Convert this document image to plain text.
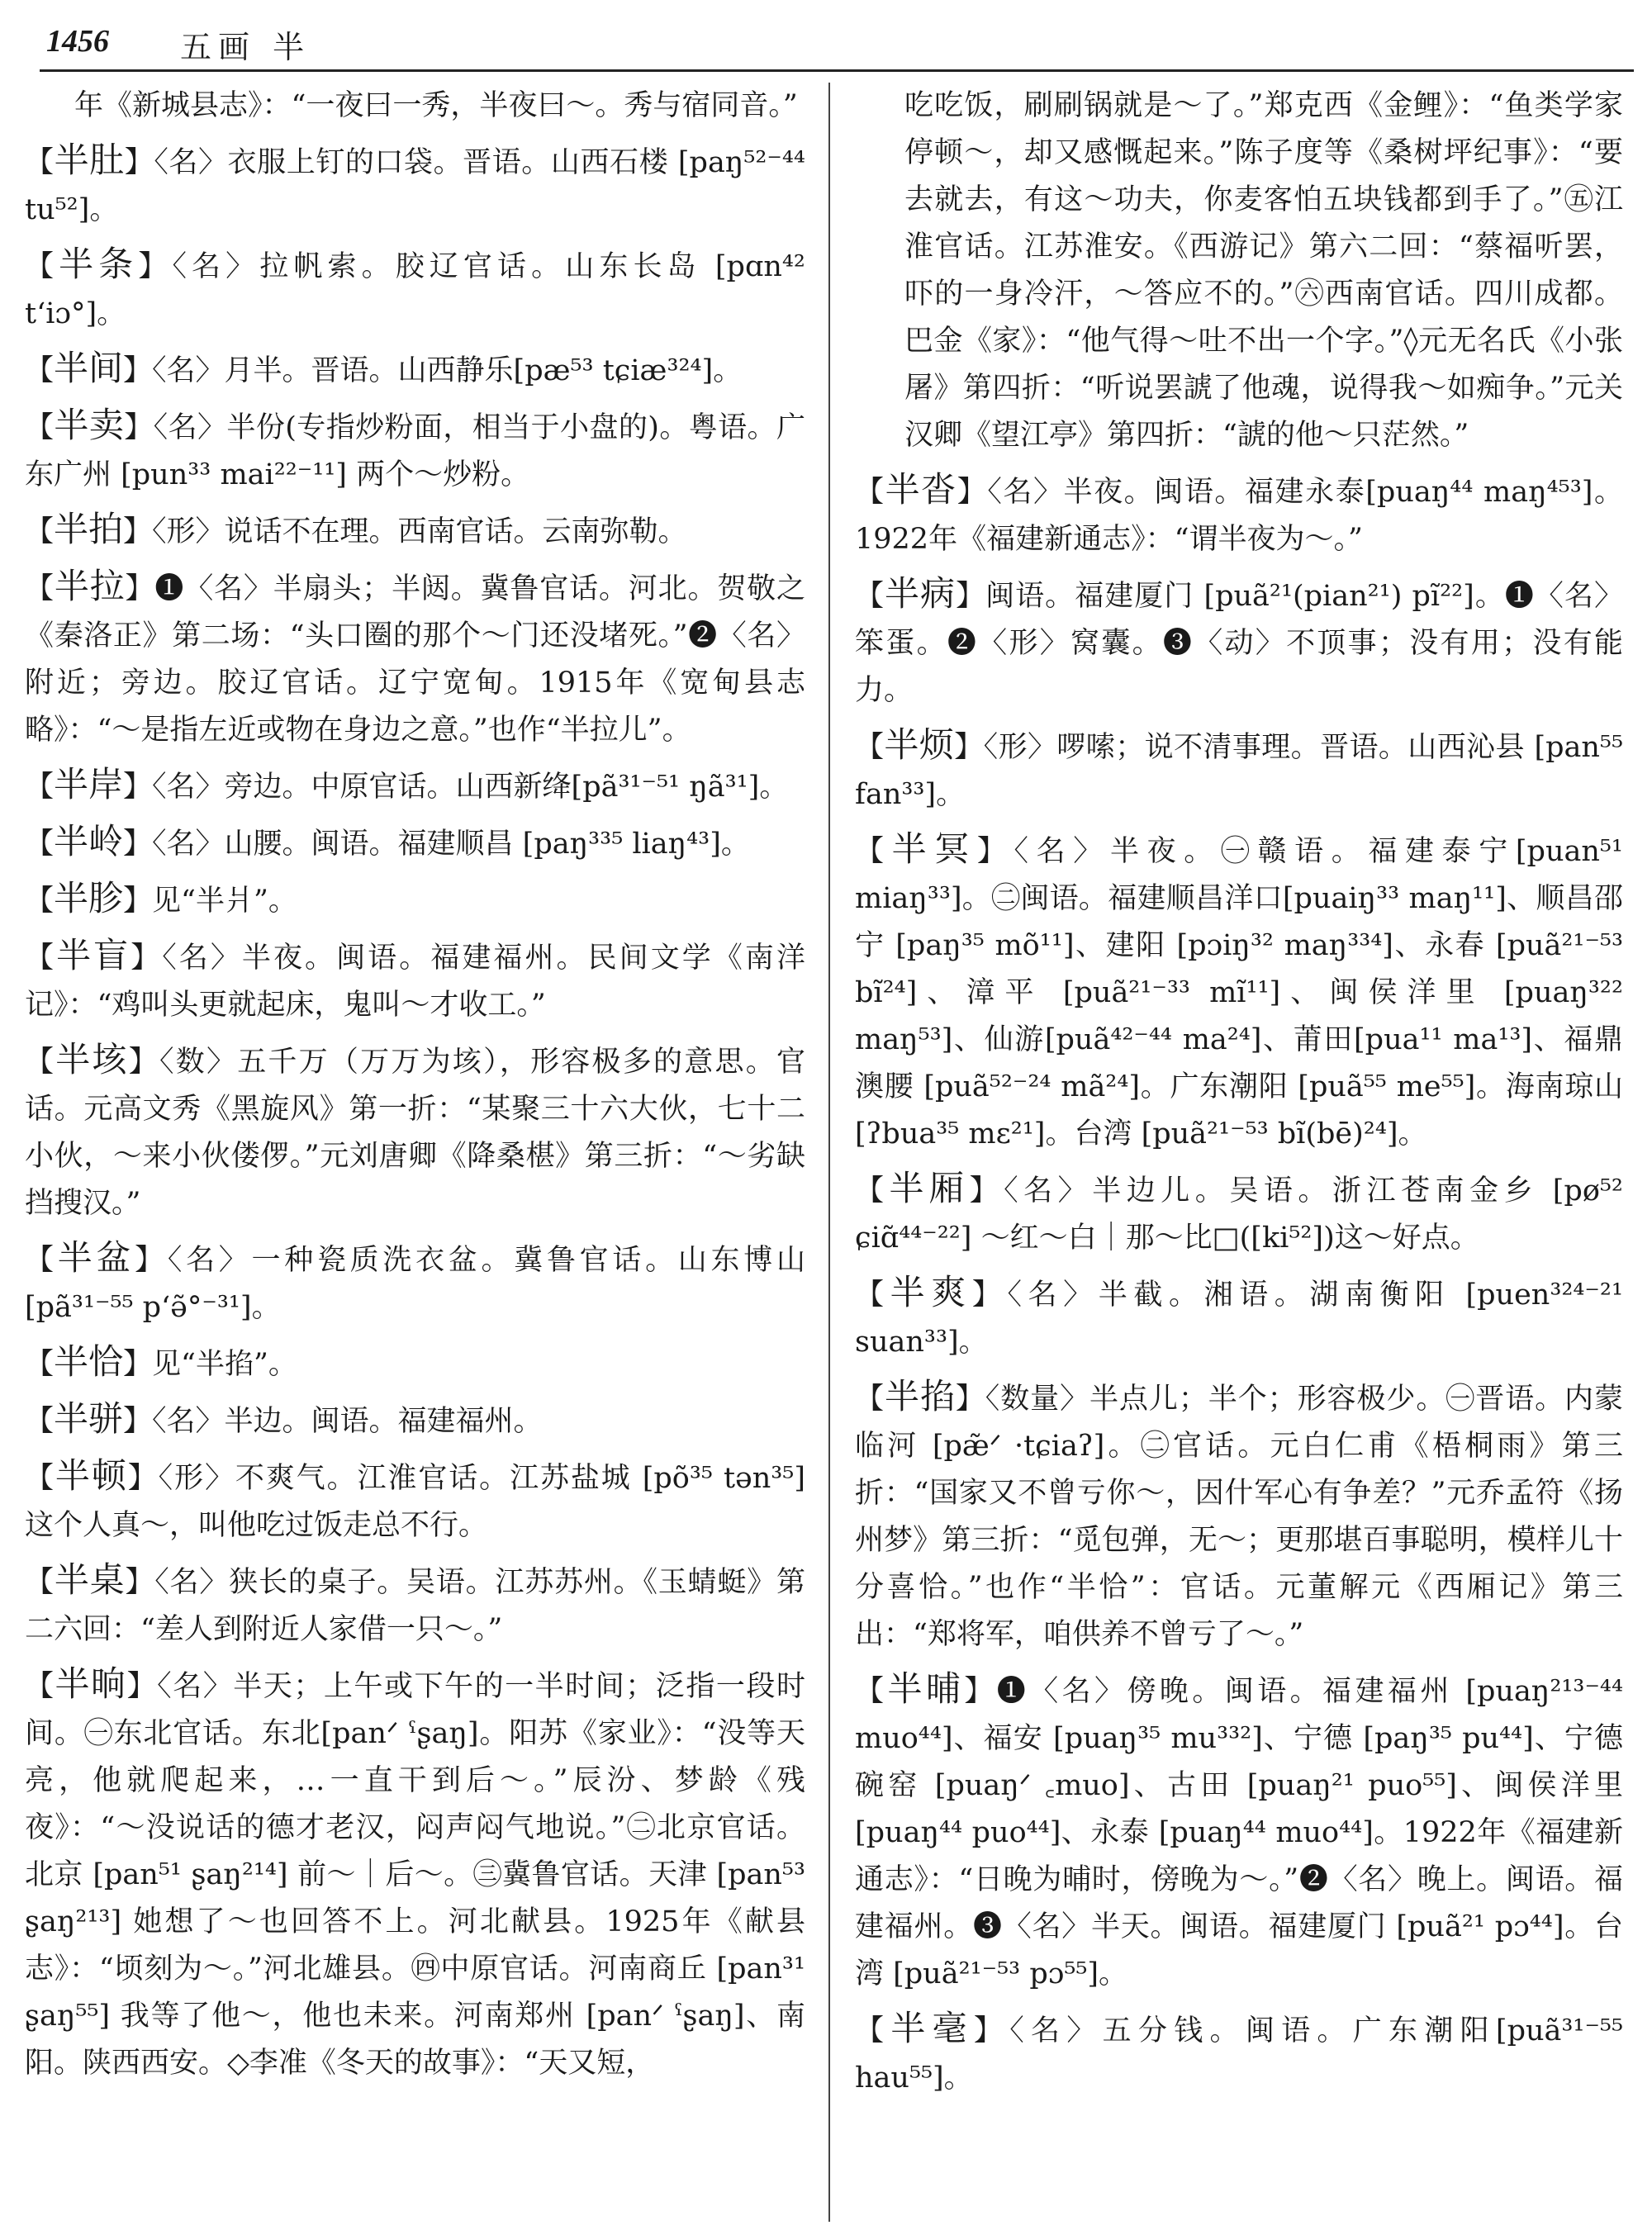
1456 五画 半

年《新城县志》：“一夜曰一秀，半夜曰～。秀与宿同音。”

【半肚】〈名〉衣服上钉的口袋。晋语。山西石楼 [paŋ⁵²⁻⁴⁴ tu⁵²]。

【半条】〈名〉拉帆索。胶辽官话。山东长岛 [pɑn⁴² tʻiɔ°]。

【半间】〈名〉月半。晋语。山西静乐[pæ⁵³ tɕiæ³²⁴]。

【半卖】〈名〉半份(专指炒粉面，相当于小盘的)。粤语。广东广州 [pun³³ mai²²⁻¹¹] 两个～炒粉。

【半拍】〈形〉说话不在理。西南官话。云南弥勒。

【半拉】❶〈名〉半扇头；半闼。冀鲁官话。河北。贺敬之《秦洛正》第二场：“头口圈的那个～门还没堵死。”❷〈名〉附近；旁边。胶辽官话。辽宁宽甸。1915年《宽甸县志略》：“～是指左近或物在身边之意。”也作“半拉儿”。

【半岸】〈名〉旁边。中原官话。山西新绛[pã³¹⁻⁵¹ ŋã³¹]。

【半岭】〈名〉山腰。闽语。福建顺昌 [paŋ³³⁵ liaŋ⁴³]。

【半胗】见“半爿”。

【半盲】〈名〉半夜。闽语。福建福州。民间文学《南洋记》：“鸡叫头更就起床，鬼叫～才收工。”

【半垓】〈数〉五千万（万万为垓），形容极多的意思。官话。元高文秀《黑旋风》第一折：“某聚三十六大伙，七十二小伙，～来小伙偻㑩。”元刘唐卿《降桑椹》第三折：“～劣缺挡搜汉。”

【半盆】〈名〉一种瓷质洗衣盆。冀鲁官话。山东博山 [pã³¹⁻⁵⁵ pʻə̃°⁻³¹]。

【半恰】见“半掐”。

【半骈】〈名〉半边。闽语。福建福州。

【半顿】〈形〉不爽气。江淮官话。江苏盐城 [põ³⁵ tən³⁵] 这个人真～，叫他吃过饭走总不行。

【半桌】〈名〉狭长的桌子。吴语。江苏苏州。《玉蜻蜓》第二六回：“差人到附近人家借一只～。”

【半晌】〈名〉半天；上午或下午的一半时间；泛指一段时间。㊀东北官话。东北[panᐟ ˁʂaŋ]。阳苏《家业》：“没等天亮，他就爬起来，…一直干到后～。”辰汾、梦龄《残夜》：“～没说话的德才老汉，闷声闷气地说。”㊁北京官话。北京 [pan⁵¹ ʂaŋ²¹⁴] 前～｜后～。㊂冀鲁官话。天津 [pan⁵³ ʂaŋ²¹³] 她想了～也回答不上。河北献县。1925年《献县志》：“顷刻为～。”河北雄县。㊃中原官话。河南商丘 [pan³¹ ʂaŋ⁵⁵] 我等了他～，他也未来。河南郑州 [panᐟ ˁʂaŋ]、南阳。陕西西安。◇李准《冬天的故事》：“天又短，

吃吃饭，刷刷锅就是～了。”郑克西《金鲤》：“鱼类学家停顿～，却又感慨起来。”陈子度等《桑树坪纪事》：“要去就去，有这～功夫，你麦客怕五块钱都到手了。”㊄江淮官话。江苏淮安。《西游记》第六二回：“蔡福听罢，吓的一身冷汗，～答应不的。”㊅西南官话。四川成都。巴金《家》：“他气得～吐不出一个字。”◊元无名氏《小张屠》第四折：“听说罢諕了他魂，说得我～如痴争。”元关汉卿《望江亭》第四折：“諕的他～只茫然。”

【半沓】〈名〉半夜。闽语。福建永泰[puaŋ⁴⁴ maŋ⁴⁵³]。1922年《福建新通志》：“谓半夜为～。”

【半病】闽语。福建厦门 [puã²¹(pian²¹) pĩ²²]。❶〈名〉笨蛋。❷〈形〉窝囊。❸〈动〉不顶事；没有用；没有能力。

【半烦】〈形〉啰嗦；说不清事理。晋语。山西沁县 [pan⁵⁵ fan³³]。

【半冥】〈名〉半夜。㊀赣语。福建泰宁[puan⁵¹ miaŋ³³]。㊁闽语。福建顺昌洋口[puaiŋ³³ maŋ¹¹]、顺昌邵宁 [paŋ³⁵ mõ¹¹]、建阳 [pɔiŋ³² maŋ³³⁴]、永春 [puã²¹⁻⁵³ bĩ²⁴]、漳平 [puã²¹⁻³³ mĩ¹¹]、闽侯洋里 [puaŋ³²² maŋ⁵³]、仙游[puã⁴²⁻⁴⁴ ma²⁴]、莆田[pua¹¹ ma¹³]、福鼎澳腰 [puã⁵²⁻²⁴ mã²⁴]。广东潮阳 [puã⁵⁵ me⁵⁵]。海南琼山 [ʔbua³⁵ mɛ²¹]。台湾 [puã²¹⁻⁵³ bĩ(bē)²⁴]。

【半厢】〈名〉半边儿。吴语。浙江苍南金乡 [pø⁵² ɕiɑ̃⁴⁴⁻²²] ～红～白｜那～比□([ki⁵²])这～好点。

【半爽】〈名〉半截。湘语。湖南衡阳 [puen³²⁴⁻²¹ suan³³]。

【半掐】〈数量〉半点儿；半个；形容极少。㊀晋语。内蒙临河 [pæ̃ᐟ ·tɕiaʔ]。㊁官话。元白仁甫《梧桐雨》第三折：“国家又不曾亏你～，因什军心有争差？”元乔孟符《扬州梦》第三折：“觅包弹，无～；更那堪百事聪明，模样儿十分喜恰。”也作“半恰”：官话。元董解元《西厢记》第三出：“郑将军，咱供养不曾亏了～。”

【半晡】❶〈名〉傍晚。闽语。福建福州 [puaŋ²¹³⁻⁴⁴ muo⁴⁴]、福安 [puaŋ³⁵ mu³³²]、宁德 [paŋ³⁵ pu⁴⁴]、宁德碗窑 [puaŋᐟ ꜀muo]、古田 [puaŋ²¹ puo⁵⁵]、闽侯洋里 [puaŋ⁴⁴ puo⁴⁴]、永泰 [puaŋ⁴⁴ muo⁴⁴]。1922年《福建新通志》：“日晚为晡时，傍晚为～。”❷〈名〉晚上。闽语。福建福州。❸〈名〉半天。闽语。福建厦门 [puã²¹ pɔ⁴⁴]。台湾 [puã²¹⁻⁵³ pɔ⁵⁵]。

【半毫】〈名〉五分钱。闽语。广东潮阳[puã³¹⁻⁵⁵ hau⁵⁵]。
